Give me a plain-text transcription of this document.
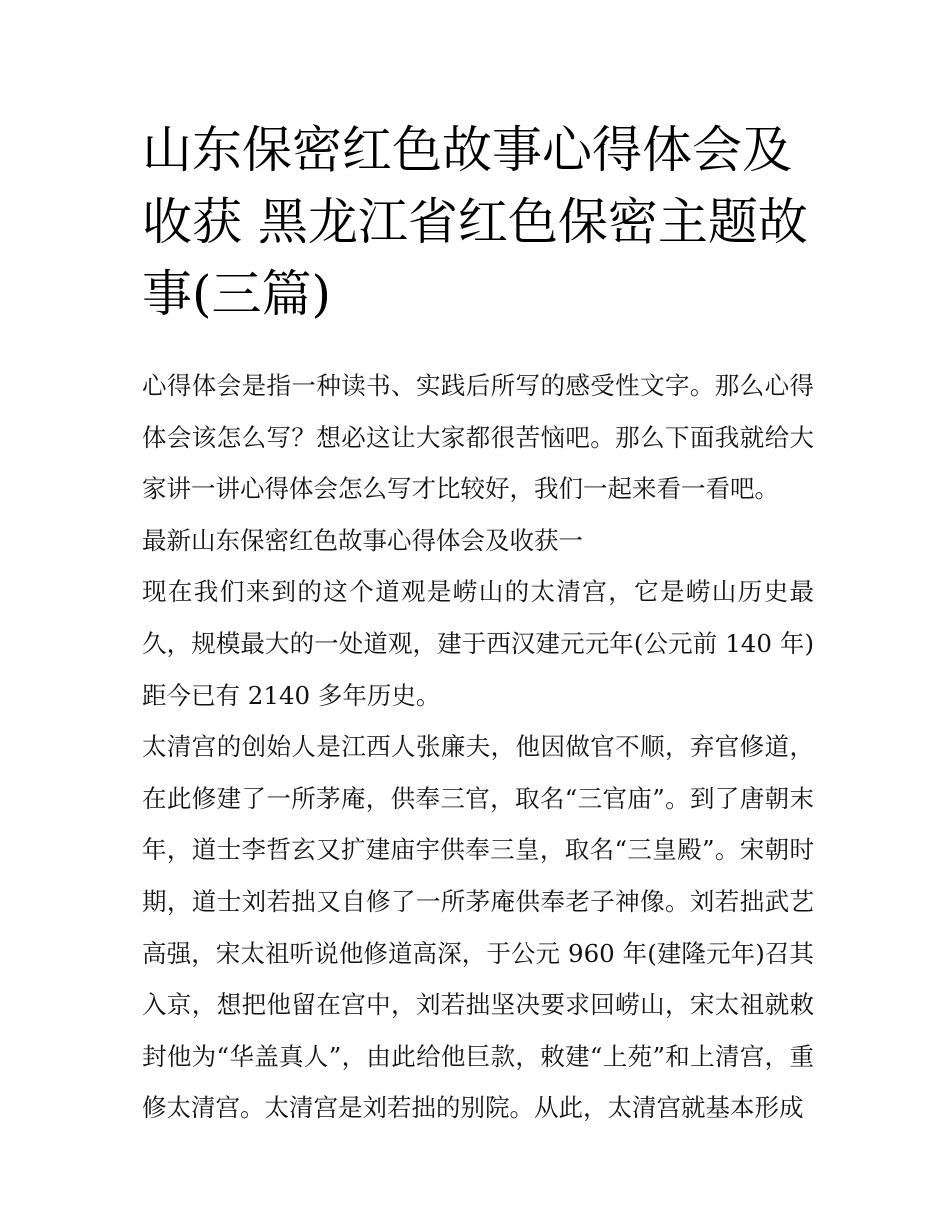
山东保密红色故事心得体会及收获 黑龙江省红色保密主题故事(三篇)

心得体会是指一种读书、实践后所写的感受性文字。那么心得体会该怎么写？想必这让大家都很苦恼吧。那么下面我就给大家讲一讲心得体会怎么写才比较好，我们一起来看一看吧。

最新山东保密红色故事心得体会及收获一

现在我们来到的这个道观是崂山的太清宫，它是崂山历史最久，规模最大的一处道观，建于西汉建元元年(公元前 140 年)距今已有 2140 多年历史。

太清宫的创始人是江西人张廉夫，他因做官不顺，弃官修道，在此修建了一所茅庵，供奉三官，取名“三官庙”。到了唐朝末年，道士李哲玄又扩建庙宇供奉三皇，取名“三皇殿”。宋朝时期，道士刘若拙又自修了一所茅庵供奉老子神像。刘若拙武艺高强，宋太祖听说他修道高深，于公元 960 年(建隆元年)召其入京，想把他留在宫中，刘若拙坚决要求回崂山，宋太祖就敕封他为“华盖真人”，由此给他巨款，敕建“上苑”和上清宫，重修太清宫。太清宫是刘若拙的别院。从此，太清宫就基本形成
